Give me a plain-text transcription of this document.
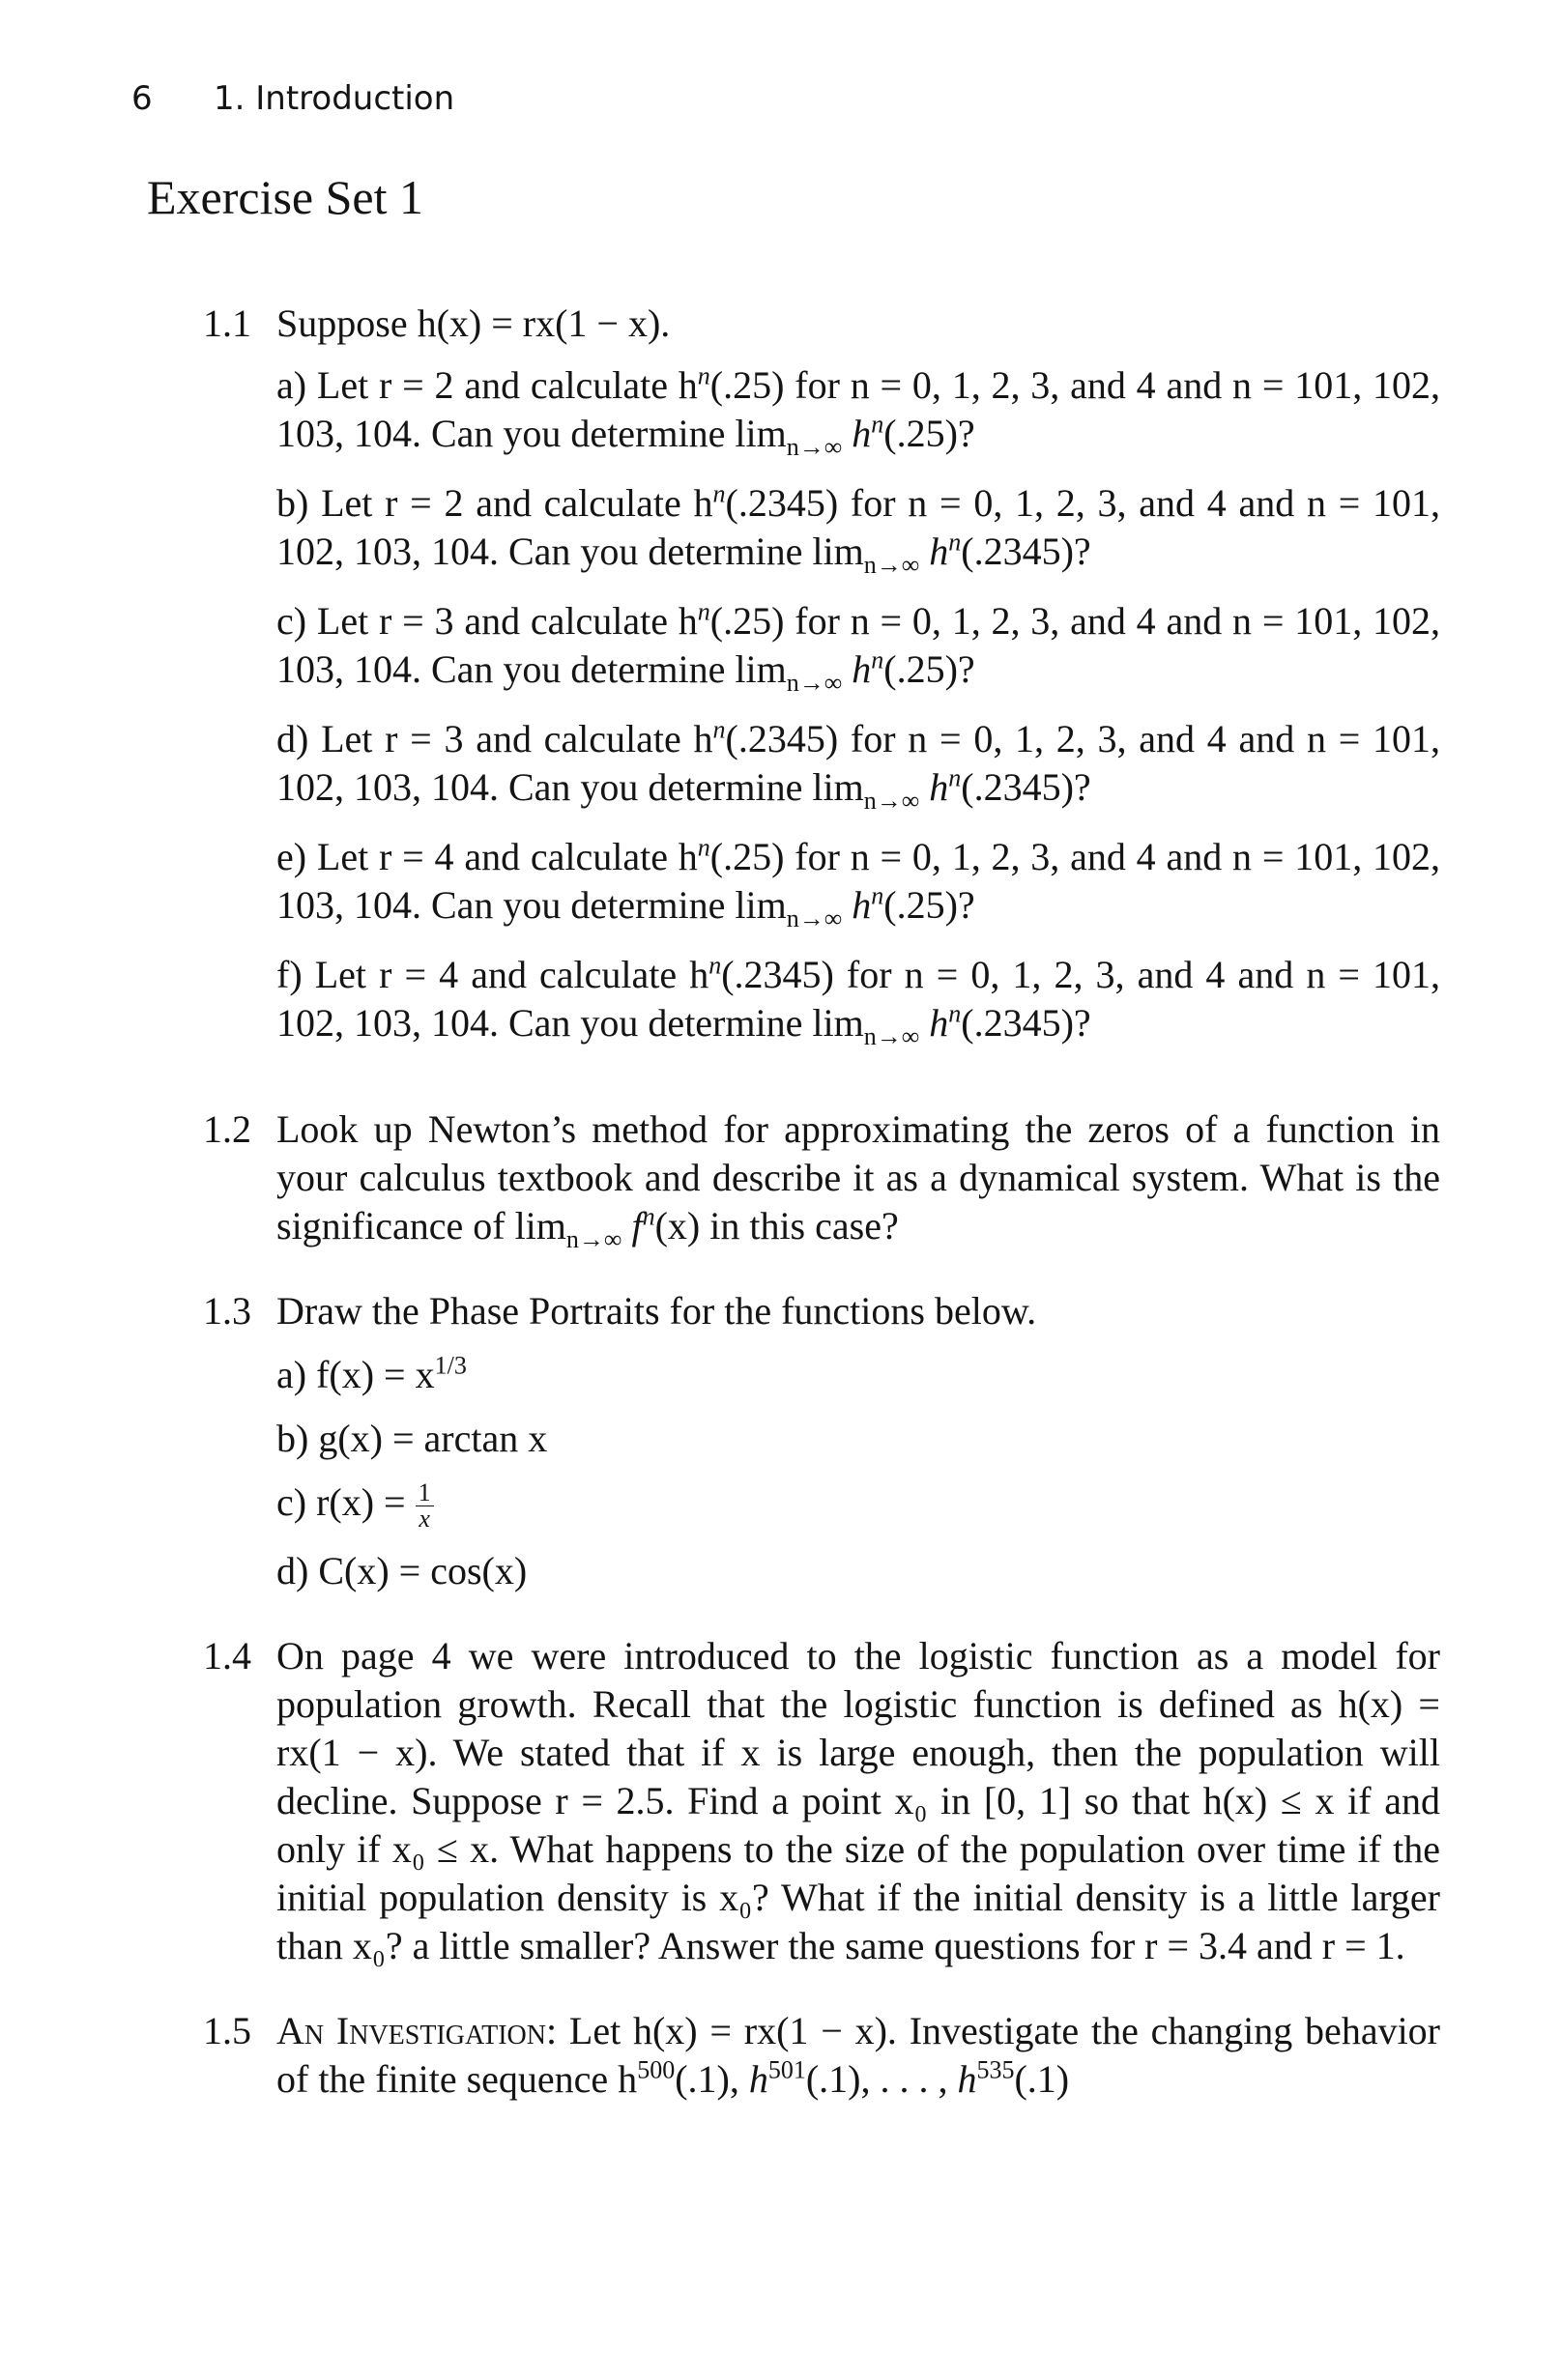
6 1. Introduction
Exercise Set 1
1.1 Suppose h(x) = rx(1 − x).
a) Let r = 2 and calculate $h^n(.25)$ for n = 0, 1, 2, 3, and 4 and n = 101, 102, 103, 104. Can you determine $\lim_{n\to\infty} h^n(.25)$?
b) Let r = 2 and calculate $h^n(.2345)$ for n = 0, 1, 2, 3, and 4 and n = 101, 102, 103, 104. Can you determine $\lim_{n\to\infty} h^n(.2345)$?
c) Let r = 3 and calculate $h^n(.25)$ for n = 0, 1, 2, 3, and 4 and n = 101, 102, 103, 104. Can you determine $\lim_{n\to\infty} h^n(.25)$?
d) Let r = 3 and calculate $h^n(.2345)$ for n = 0, 1, 2, 3, and 4 and n = 101, 102, 103, 104. Can you determine $\lim_{n\to\infty} h^n(.2345)$?
e) Let r = 4 and calculate $h^n(.25)$ for n = 0, 1, 2, 3, and 4 and n = 101, 102, 103, 104. Can you determine $\lim_{n\to\infty} h^n(.25)$?
f) Let r = 4 and calculate $h^n(.2345)$ for n = 0, 1, 2, 3, and 4 and n = 101, 102, 103, 104. Can you determine $\lim_{n\to\infty} h^n(.2345)$?
1.2 Look up Newton’s method for approximating the zeros of a function in your calculus textbook and describe it as a dynamical system. What is the significance of $\lim_{n\to\infty} f^n(x)$ in this case?
1.3 Draw the Phase Portraits for the functions below.
a) $f(x) = x^{1/3}$
b) g(x) = arctan x
c) $r(x) = \frac{1}{x}$
d) C(x) = cos(x)
1.4 On page 4 we were introduced to the logistic function as a model for population growth. Recall that the logistic function is defined as h(x) = rx(1 − x). We stated that if x is large enough, then the population will decline. Suppose r = 2.5. Find a point x₀ in [0, 1] so that h(x) ≤ x if and only if x₀ ≤ x. What happens to the size of the population over time if the initial population density is x₀? What if the initial density is a little larger than x₀? a little smaller? Answer the same questions for r = 3.4 and r = 1.
1.5 An Investigation: Let h(x) = rx(1 − x). Investigate the changing behavior of the finite sequence $h^{500}(.1)$, $h^{501}(.1)$, . . . , $h^{535}(.1)$
